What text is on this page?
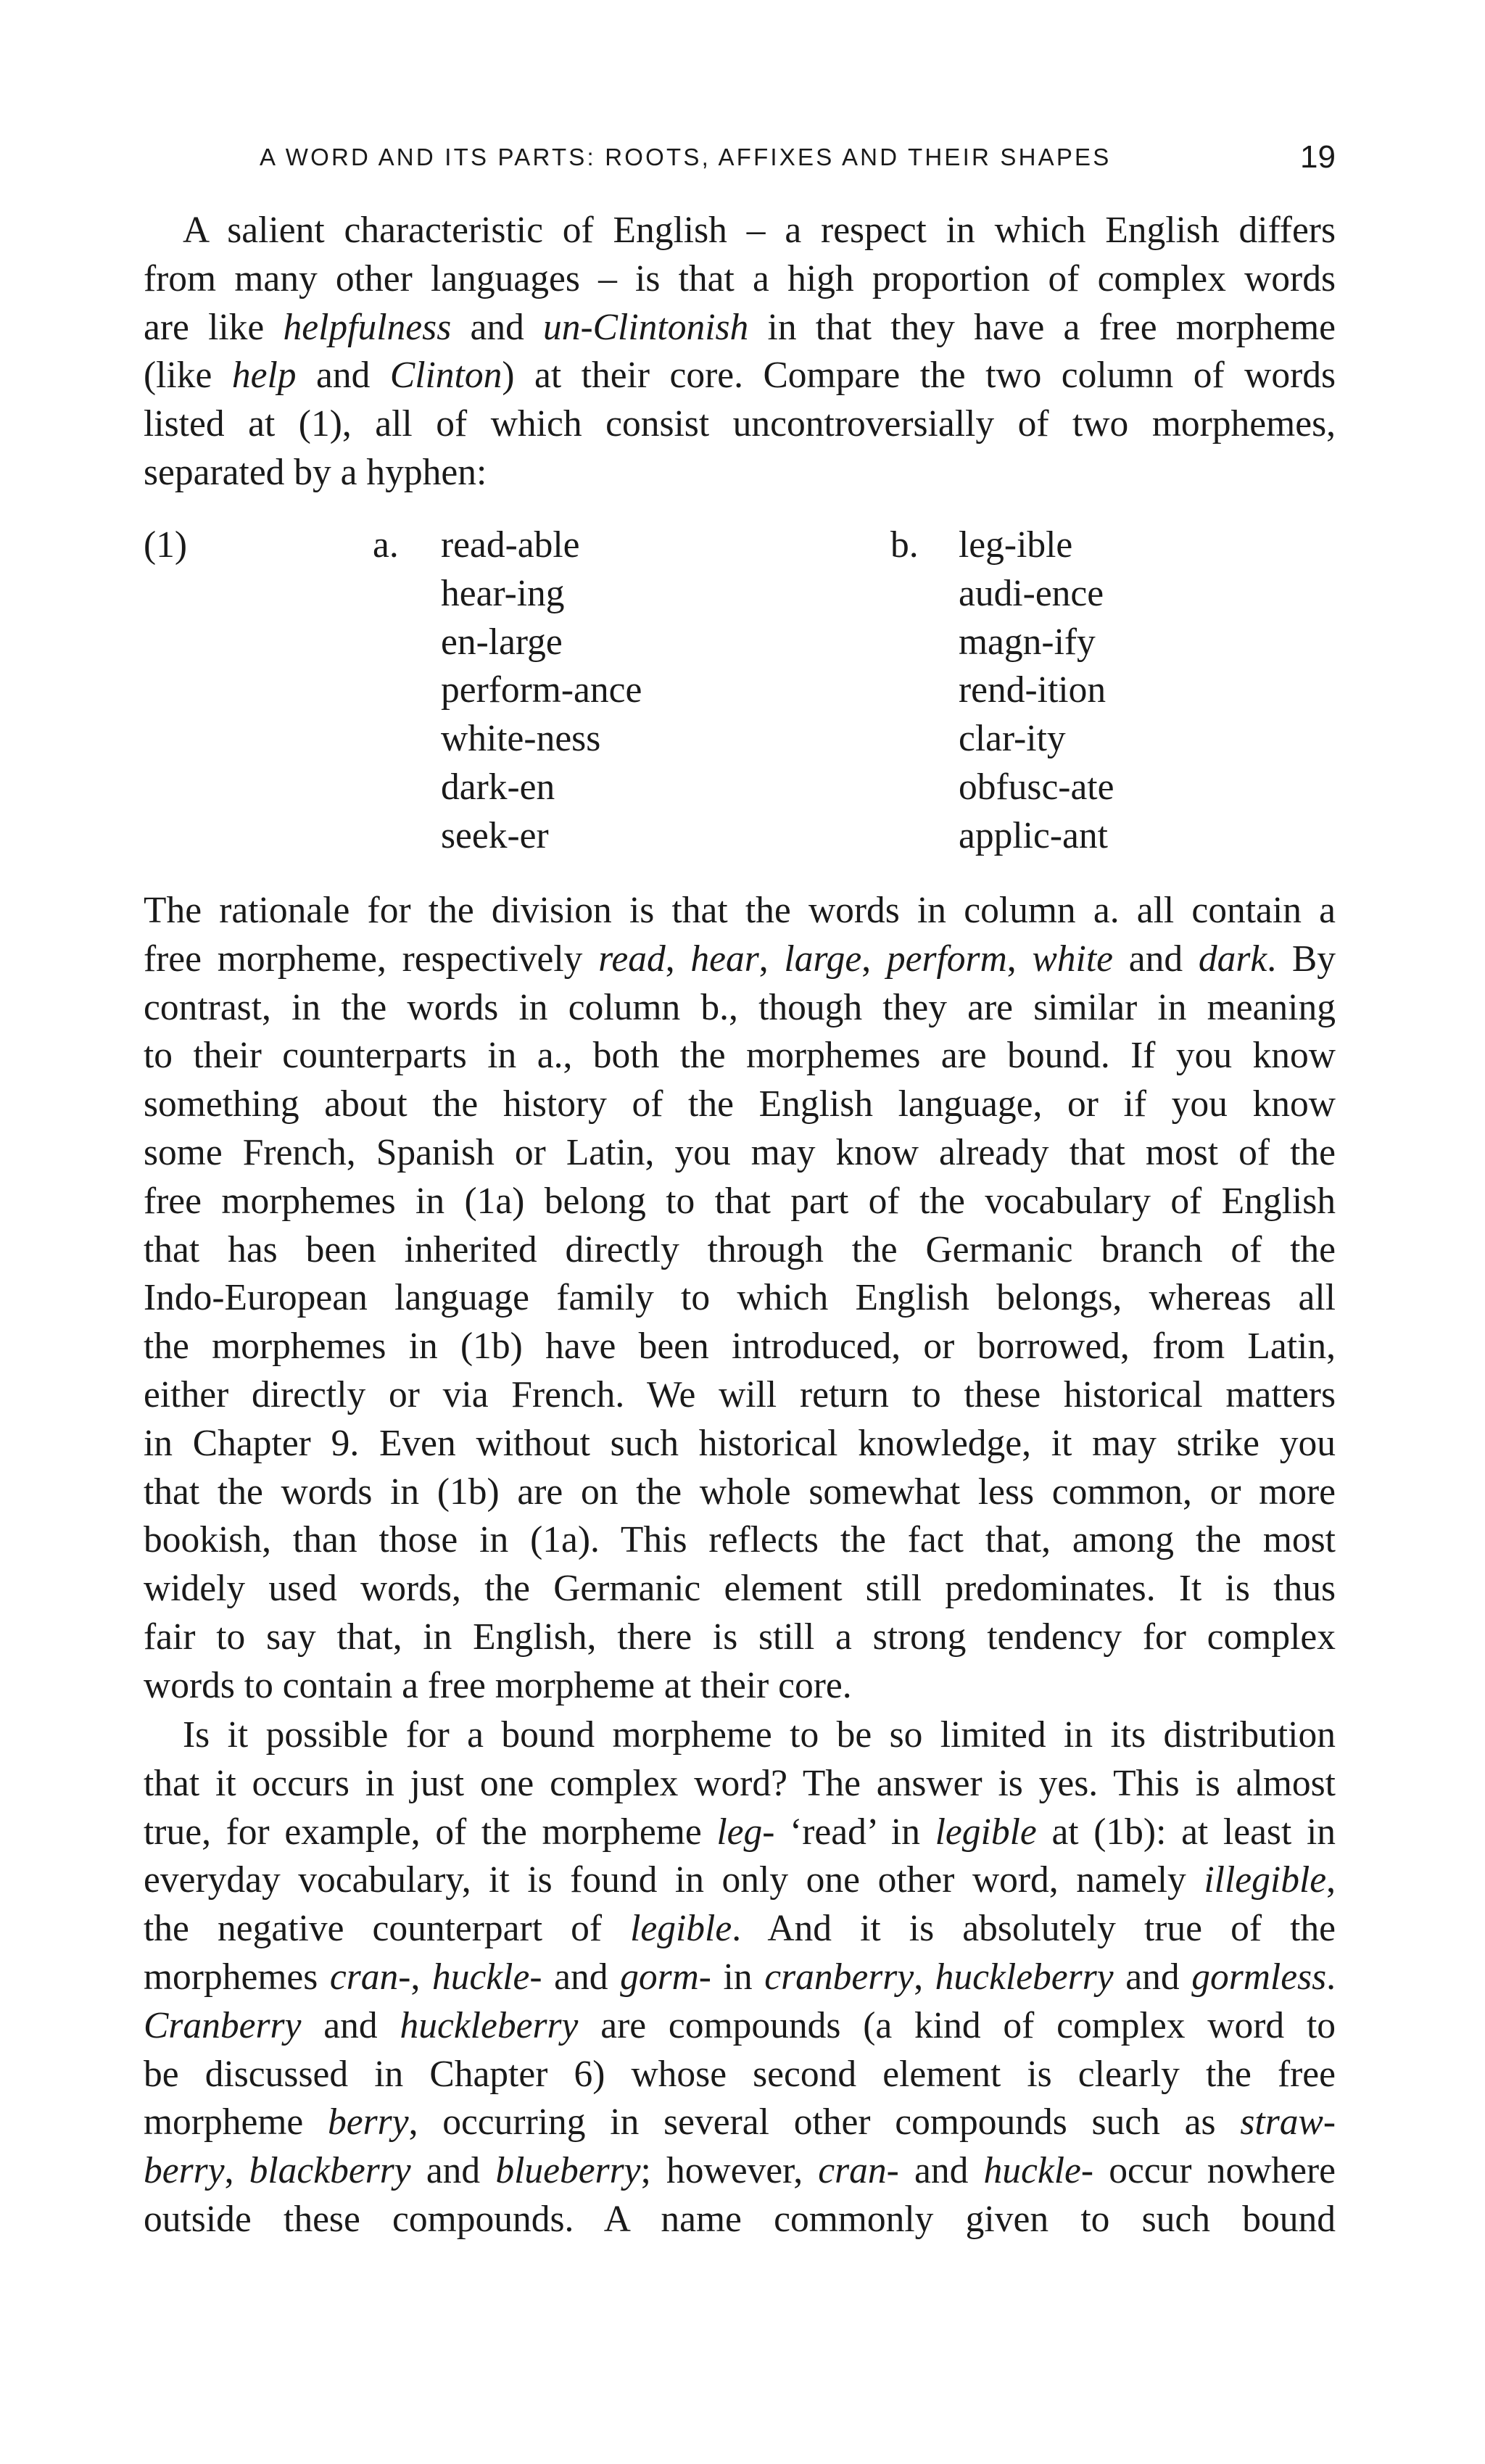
A WORD AND ITS PARTS: ROOTS, AFFIXES AND THEIR SHAPES	19
A salient characteristic of English – a respect in which English differs
from many other languages – is that a high proportion of complex words
are like helpfulness and un-Clintonish in that they have a free morpheme
(like help and Clinton) at their core. Compare the two column of words
listed at (1), all of which consist uncontroversially of two morphemes,
separated by a hyphen:
(1)	a. read-able
hear-ing
en-large
perform-ance
white-ness
dark-en
seek-er
b. leg-ible
audi-ence
magn-ify
rend-ition
clar-ity
obfusc-ate
applic-ant
The rationale for the division is that the words in column a. all contain a
free morpheme, respectively read, hear, large, perform, white and dark. By
contrast, in the words in column b., though they are similar in meaning
to their counterparts in a., both the morphemes are bound. If you know
something about the history of the English language, or if you know
some French, Spanish or Latin, you may know already that most of the
free morphemes in (1a) belong to that part of the vocabulary of English
that has been inherited directly through the Germanic branch of the
Indo-European language family to which English belongs, whereas all
the morphemes in (1b) have been introduced, or borrowed, from Latin,
either directly or via French. We will return to these historical matters
in Chapter 9. Even without such historical knowledge, it may strike you
that the words in (1b) are on the whole somewhat less common, or more
bookish, than those in (1a). This reflects the fact that, among the most
widely used words, the Germanic element still predominates. It is thus
fair to say that, in English, there is still a strong tendency for complex
words to contain a free morpheme at their core.
Is it possible for a bound morpheme to be so limited in its distribution
that it occurs in just one complex word? The answer is yes. This is almost
true, for example, of the morpheme leg- ‘read’ in legible at (1b): at least in
everyday vocabulary, it is found in only one other word, namely illegible,
the negative counterpart of legible. And it is absolutely true of the
morphemes cran-, huckle- and gorm- in cranberry, huckleberry and gormless.
Cranberry and huckleberry are compounds (a kind of complex word to
be discussed in Chapter 6) whose second element is clearly the free
morpheme berry, occurring in several other compounds such as straw-
berry, blackberry and blueberry; however, cran- and huckle- occur nowhere
outside these compounds. A name commonly given to such bound
